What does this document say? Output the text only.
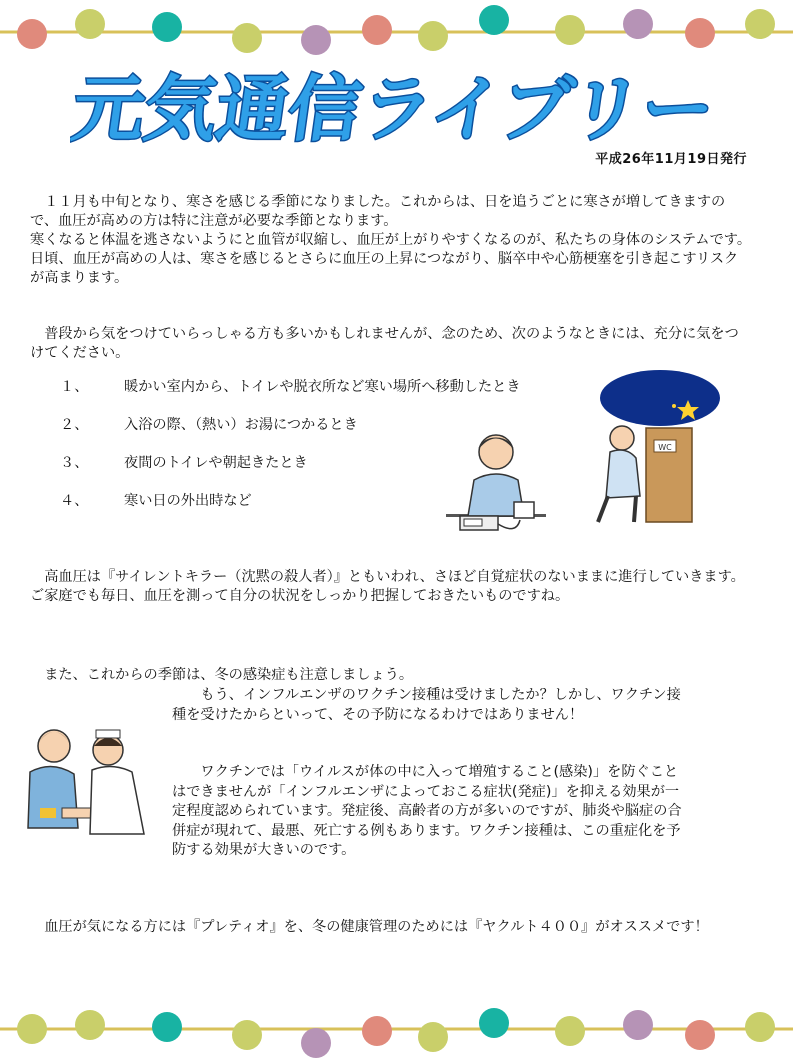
元気通信ライブリー
平成26年11月19日発行

　１１月も中旬となり、寒さを感じる季節になりました。これからは、日を追うごとに寒さが増してきますので、血圧が高めの方は特に注意が必要な季節となります。

寒くなると体温を逃さないようにと血管が収縮し、血圧が上がりやすくなるのが、私たちの身体のシステムです。日頃、血圧が高めの人は、寒さを感じるとさらに血圧の上昇につながり、脳卒中や心筋梗塞を引き起こすリスクが高まります。

　普段から気をつけていらっしゃる方も多いかもしれませんが、念のため、次のようなときには、充分に気をつけてください。

１、	暖かい室内から、トイレや脱衣所など寒い場所へ移動したとき
２、	入浴の際、（熱い）お湯につかるとき
３、	夜間のトイレや朝起きたとき
４、	寒い日の外出時など
WC

　高血圧は『サイレントキラー（沈黙の殺人者）』ともいわれ、さほど自覚症状のないままに進行していきます。ご家庭でも毎日、血圧を測って自分の状況をしっかり把握しておきたいものですね。

　また、これからの季節は、冬の感染症も注意しましょう。

　　もう、インフルエンザのワクチン接種は受けましたか？しかし、ワクチン接種を受けたからといって、その予防になるわけではありません！

　　ワクチンでは「ウイルスが体の中に入って増殖すること(感染)」を防ぐことはできませんが「インフルエンザによっておこる症状(発症)」を抑える効果が一定程度認められています。発症後、高齢者の方が多いのですが、肺炎や脳症の合併症が現れて、最悪、死亡する例もあります。ワクチン接種は、この重症化を予防する効果が大きいのです。

　血圧が気になる方には『プレティオ』を、冬の健康管理のためには『ヤクルト４００』がオススメです！
